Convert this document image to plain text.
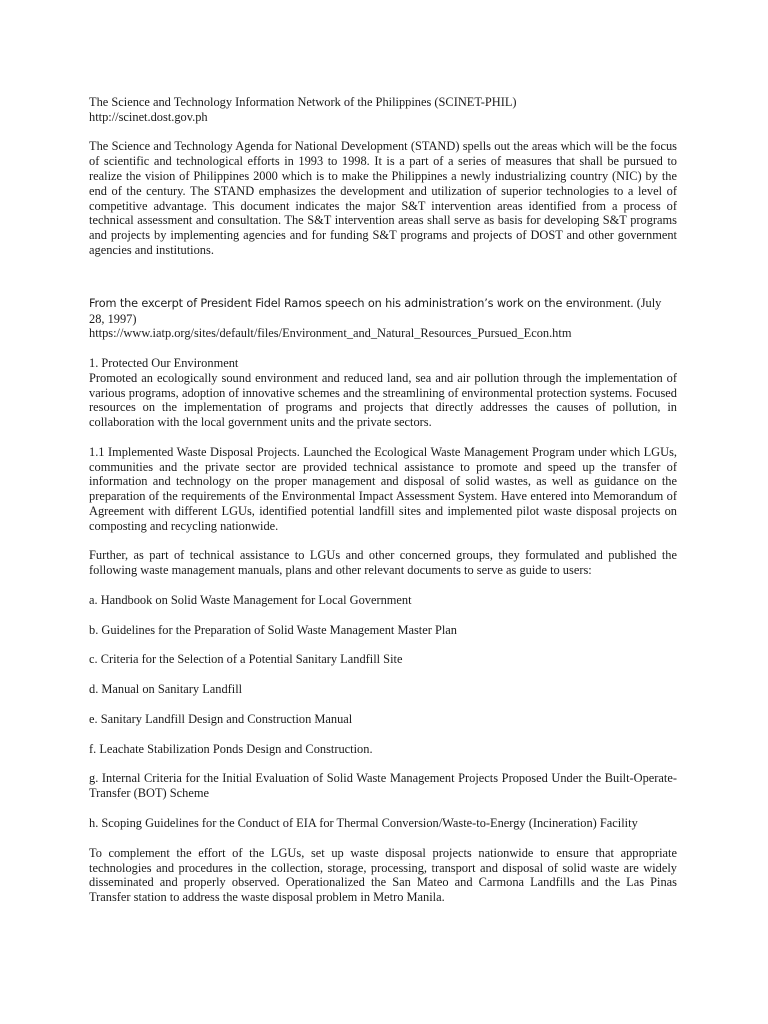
The Science and Technology Information Network of the Philippines (SCINET-PHIL)
http://scinet.dost.gov.ph

The Science and Technology Agenda for National Development (STAND) spells out the areas which will be the focus of scientific and technological efforts in 1993 to 1998. It is a part of a series of measures that shall be pursued to realize the vision of Philippines 2000 which is to make the Philippines a newly industrializing country (NIC) by the end of the century. The STAND emphasizes the development and utilization of superior technologies to a level of competitive advantage. This document indicates the major S&T intervention areas identified from a process of technical assessment and consultation. The S&T intervention areas shall serve as basis for developing S&T programs and projects by implementing agencies and for funding S&T programs and projects of DOST and other government agencies and institutions.

From the excerpt of President Fidel Ramos speech on his administration’s work on the environment. (July 28, 1997)
https://www.iatp.org/sites/default/files/Environment_and_Natural_Resources_Pursued_Econ.htm
1. Protected Our Environment

Promoted an ecologically sound environment and reduced land, sea and air pollution through the implementation of various programs, adoption of innovative schemes and the streamlining of environmental protection systems. Focused resources on the implementation of programs and projects that directly addresses the causes of pollution, in collaboration with the local government units and the private sectors.

1.1 Implemented Waste Disposal Projects. Launched the Ecological Waste Management Program under which LGUs, communities and the private sector are provided technical assistance to promote and speed up the transfer of information and technology on the proper management and disposal of solid wastes, as well as guidance on the preparation of the requirements of the Environmental Impact Assessment System. Have entered into Memorandum of Agreement with different LGUs, identified potential landfill sites and implemented pilot waste disposal projects on composting and recycling nationwide.

Further, as part of technical assistance to LGUs and other concerned groups, they formulated and published the following waste management manuals, plans and other relevant documents to serve as guide to users:

a. Handbook on Solid Waste Management for Local Government
b. Guidelines for the Preparation of Solid Waste Management Master Plan
c. Criteria for the Selection of a Potential Sanitary Landfill Site
d. Manual on Sanitary Landfill
e. Sanitary Landfill Design and Construction Manual
f. Leachate Stabilization Ponds Design and Construction.
g. Internal Criteria for the Initial Evaluation of Solid Waste Management Projects Proposed Under the Built-Operate-Transfer (BOT) Scheme
h. Scoping Guidelines for the Conduct of EIA for Thermal Conversion/Waste-to-Energy (Incineration) Facility

To complement the effort of the LGUs, set up waste disposal projects nationwide to ensure that appropriate technologies and procedures in the collection, storage, processing, transport and disposal of solid waste are widely disseminated and properly observed. Operationalized the San Mateo and Carmona Landfills and the Las Pinas Transfer station to address the waste disposal problem in Metro Manila.
